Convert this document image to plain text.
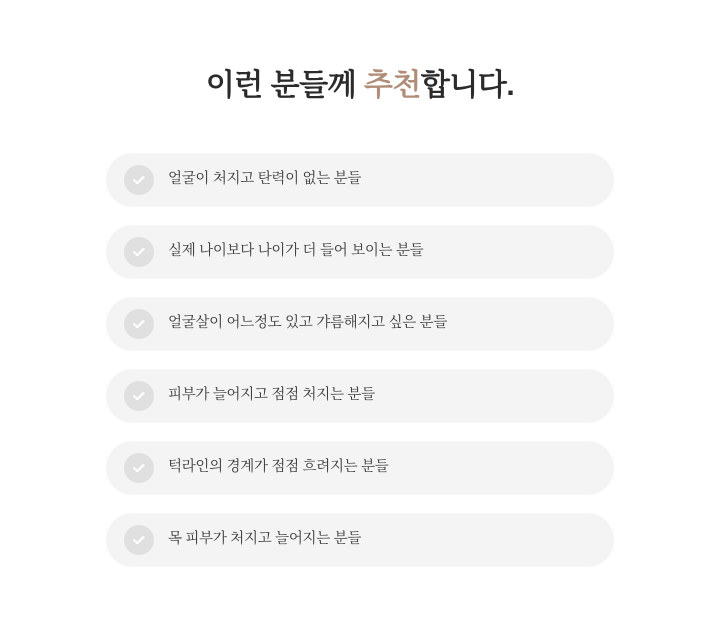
이런 분들께 추천합니다.
얼굴이 처지고 탄력이 없는 분들
실제 나이보다 나이가 더 들어 보이는 분들
얼굴살이 어느정도 있고 갸름해지고 싶은 분들
피부가 늘어지고 점점 처지는 분들
턱라인의 경계가 점점 흐려지는 분들
목 피부가 처지고 늘어지는 분들
